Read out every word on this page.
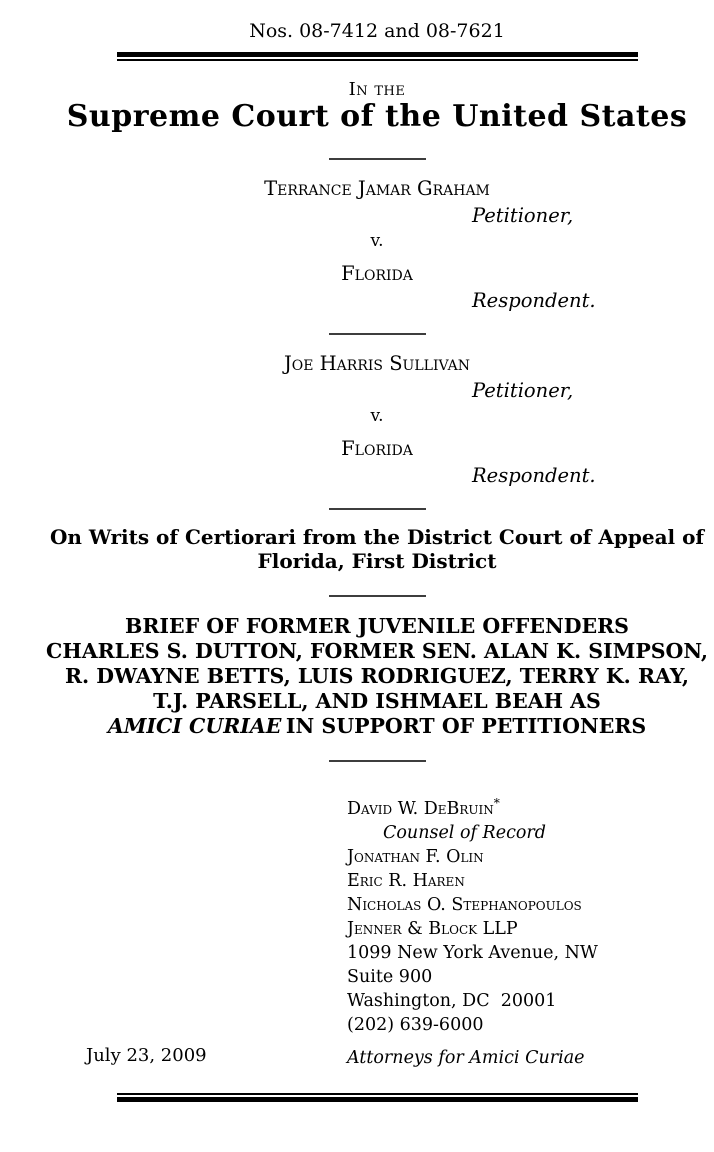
Nos. 08-7412 and 08-7621
In the
Supreme Court of the United States
Terrance Jamar Graham
Petitioner,
v.
Florida
Respondent.
Joe Harris Sullivan
Petitioner,
v.
Florida
Respondent.
On Writs of Certiorari from the District Court of Appeal of
Florida, First District
BRIEF OF FORMER JUVENILE OFFENDERS
CHARLES S. DUTTON, FORMER SEN. ALAN K. SIMPSON,
R. DWAYNE BETTS, LUIS RODRIGUEZ, TERRY K. RAY,
T.J. PARSELL, AND ISHMAEL BEAH AS
AMICI CURIAE IN SUPPORT OF PETITIONERS
David W. DeBruin*
Counsel of Record
Jonathan F. Olin
Eric R. Haren
Nicholas O. Stephanopoulos
Jenner & Block LLP
1099 New York Avenue, NW
Suite 900
Washington, DC  20001
(202) 639-6000
July 23, 2009	Attorneys for Amici Curiae
